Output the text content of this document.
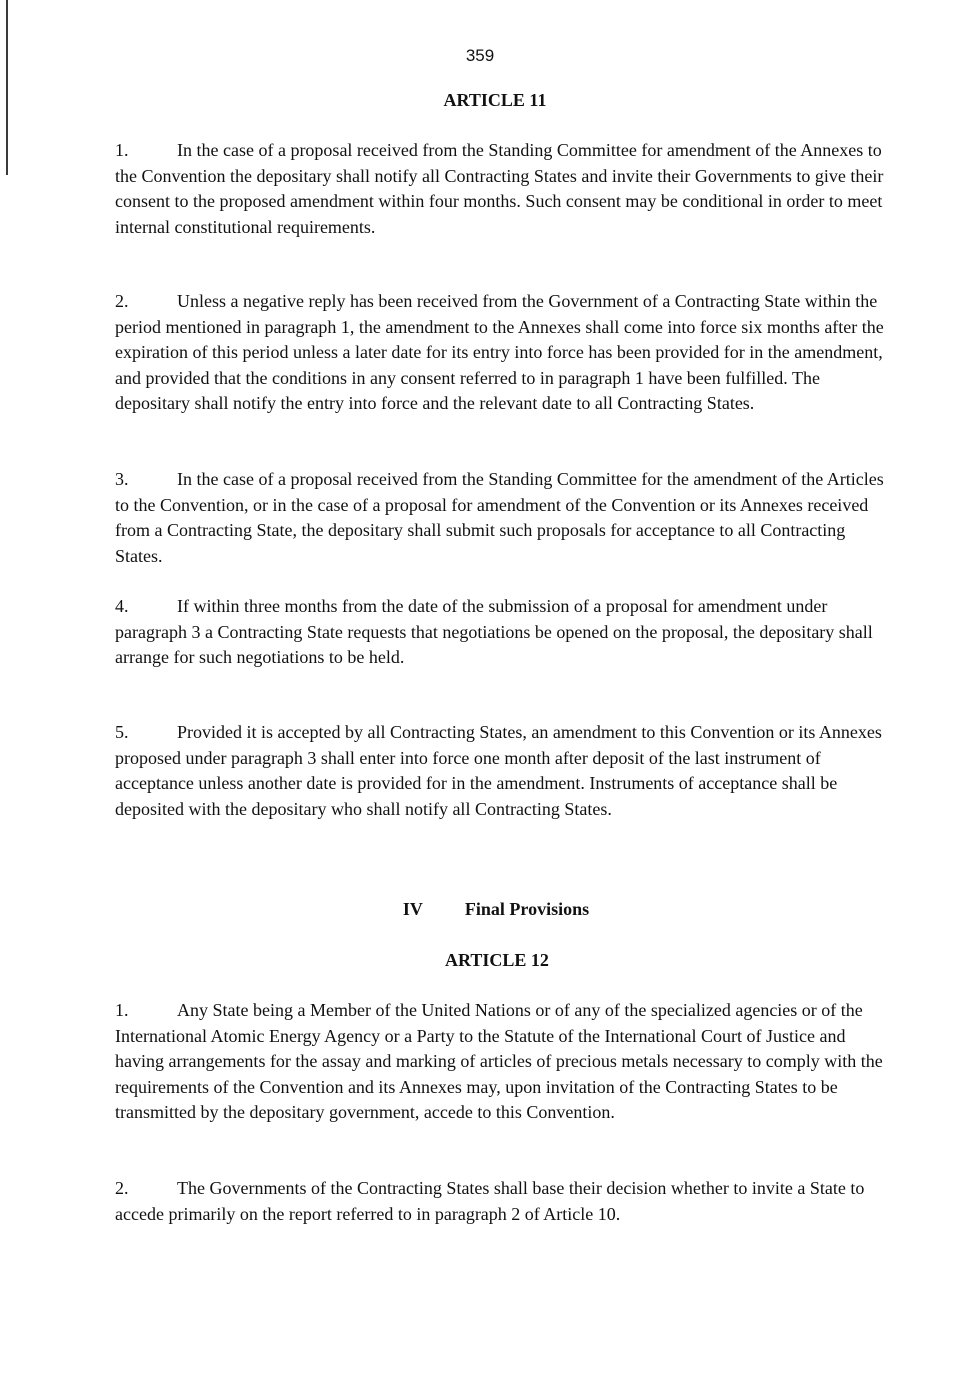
359
ARTICLE 11

1.	In the case of a proposal received from the Standing Committee for amendment of the Annexes to the Convention the depositary shall notify all Contracting States and invite their Governments to give their consent to the proposed amendment within four months. Such consent may be conditional in order to meet internal constitutional requirements.

2.	Unless a negative reply has been received from the Government of a Contracting State within the period mentioned in paragraph 1, the amendment to the Annexes shall come into force six months after the expiration of this period unless a later date for its entry into force has been provided for in the amendment, and provided that the conditions in any consent referred to in paragraph 1 have been fulfilled. The depositary shall notify the entry into force and the relevant date to all Contracting States.

3.	In the case of a proposal received from the Standing Committee for the amendment of the Articles to the Convention, or in the case of a proposal for amendment of the Convention or its Annexes received from a Contracting State, the depositary shall submit such proposals for acceptance to all Contracting States.

4.	If within three months from the date of the submission of a proposal for amendment under paragraph 3 a Contracting State requests that negotiations be opened on the proposal, the depositary shall arrange for such negotiations to be held.

5.	Provided it is accepted by all Contracting States, an amendment to this Convention or its Annexes proposed under paragraph 3 shall enter into force one month after deposit of the last instrument of acceptance unless another date is provided for in the amendment. Instruments of acceptance shall be deposited with the depositary who shall notify all Contracting States.

IV Final Provisions
ARTICLE 12

1.	Any State being a Member of the United Nations or of any of the specialized agencies or of the International Atomic Energy Agency or a Party to the Statute of the International Court of Justice and having arrangements for the assay and marking of articles of precious metals necessary to comply with the requirements of the Convention and its Annexes may, upon invitation of the Contracting States to be transmitted by the depositary government, accede to this Convention.

2.	The Governments of the Contracting States shall base their decision whether to invite a State to accede primarily on the report referred to in paragraph 2 of Article 10.
